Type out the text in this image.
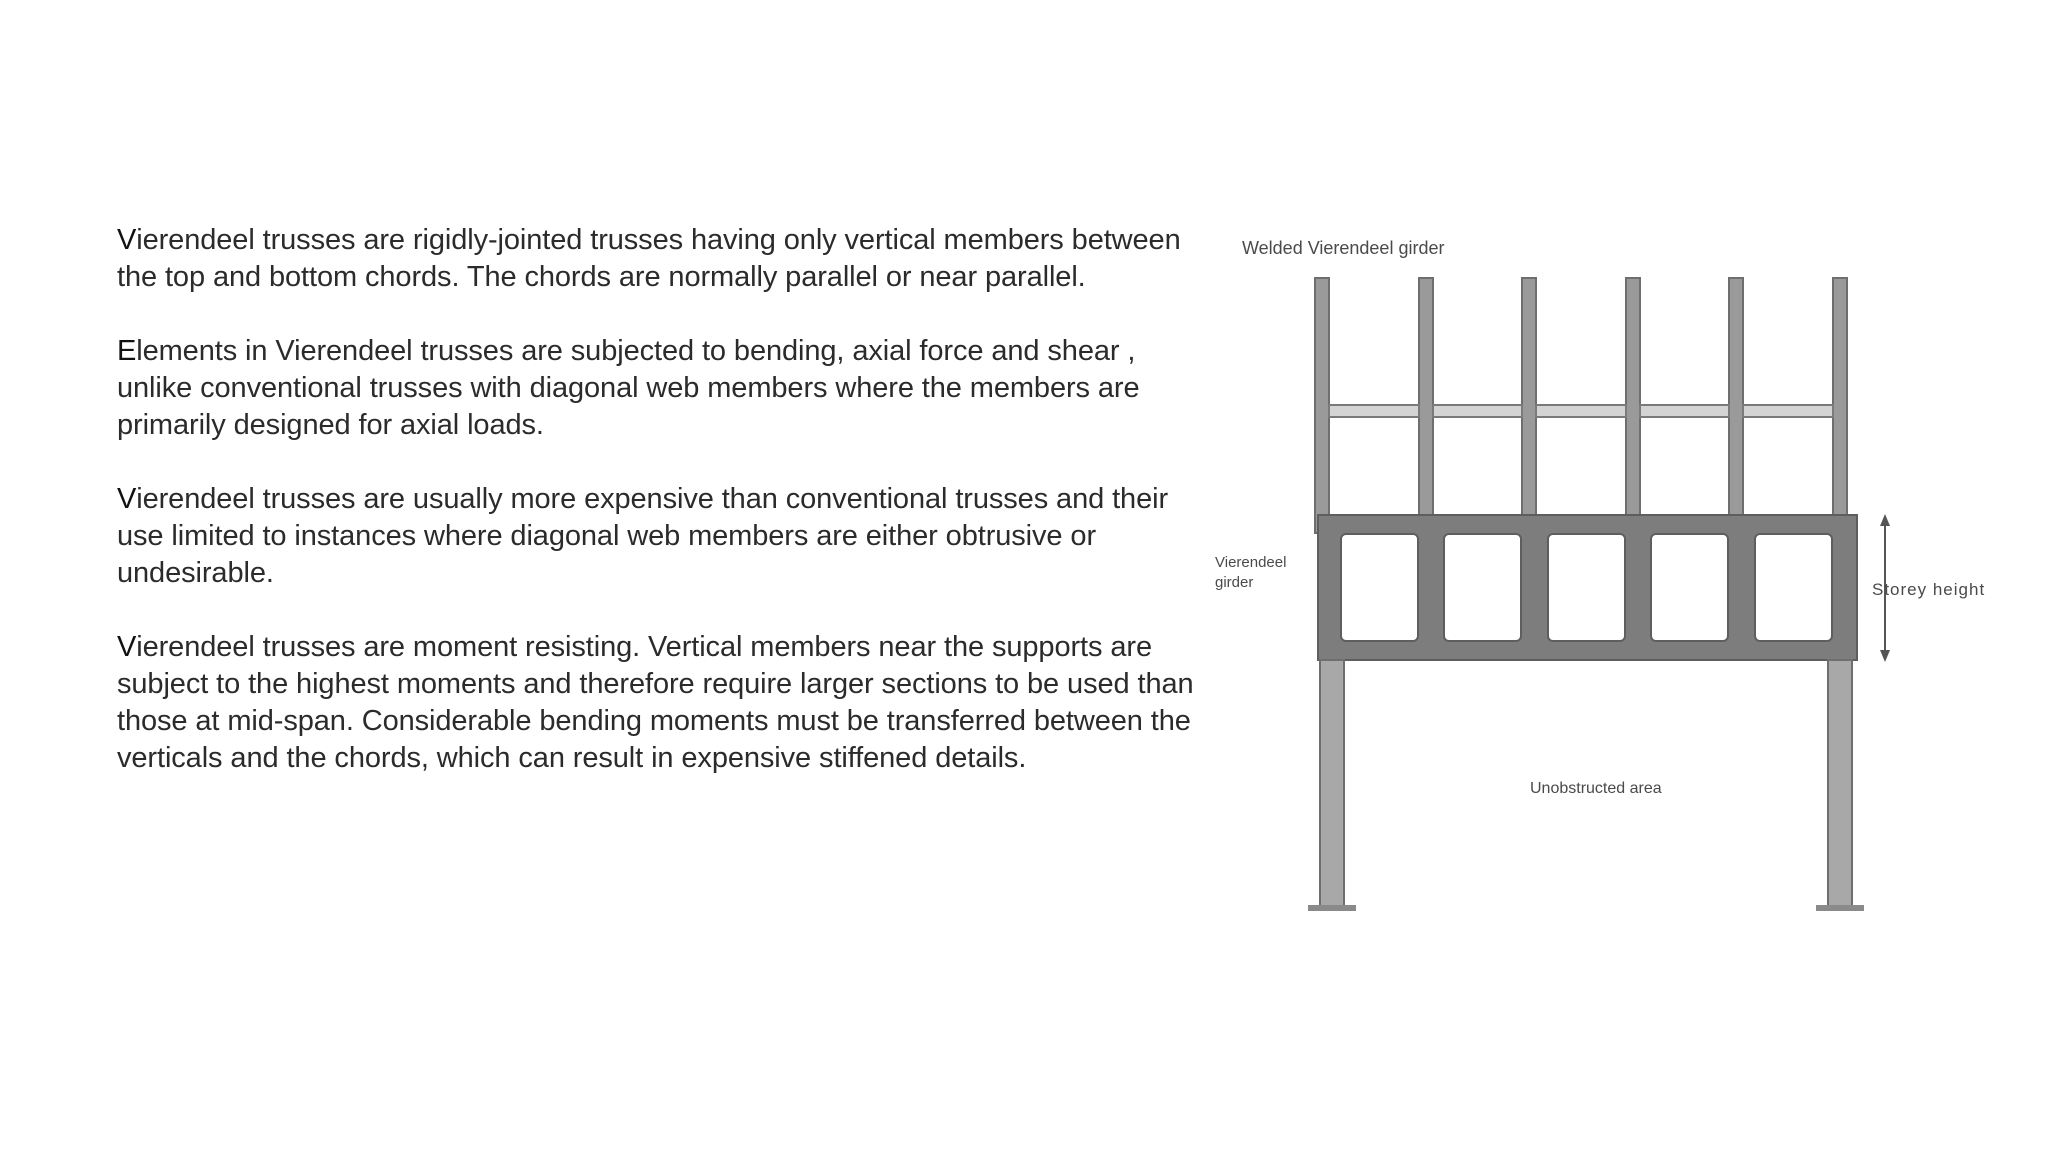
Vierendeel trusses are rigidly-jointed trusses having only vertical members between the top and bottom chords. The chords are normally parallel or near parallel.

Elements in Vierendeel trusses are subjected to bending, axial force and shear , unlike conventional trusses with diagonal web members where the members are primarily designed for axial loads.

Vierendeel trusses are usually more expensive than conventional trusses and their use limited to instances where diagonal web members are either obtrusive or undesirable.

Vierendeel trusses are moment resisting. Vertical members near the supports are subject to the highest moments and therefore require larger sections to be used than those at mid-span. Considerable bending moments must be transferred between the verticals and the chords, which can result in expensive stiffened details.

Welded Vierendeel girder
Vierendeel
girder	Storey height
Unobstructed area
